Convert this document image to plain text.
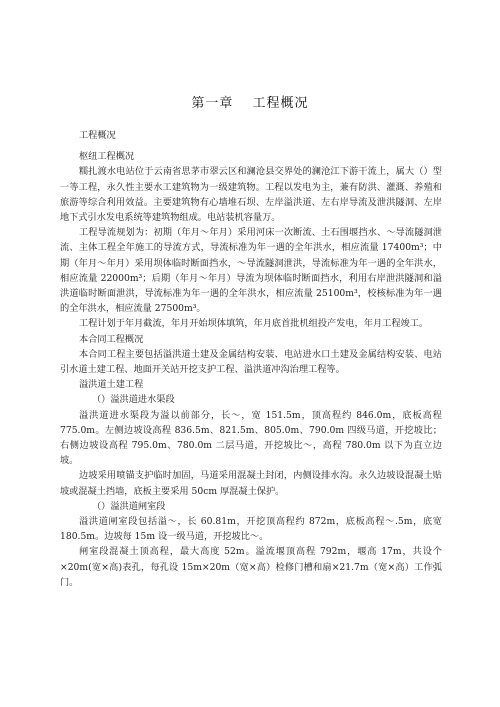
第一章　 工程概况

工程概况

枢纽工程概况

糯扎渡水电站位于云南省思茅市翠云区和澜沧县交界处的澜沧江下游干流上，属大（）型一等工程，永久性主要水工建筑物为一级建筑物。工程以发电为主，兼有防洪、灌溉、养殖和旅游等综合利用效益。主要建筑物有心墙堆石坝、左岸溢洪道、左右岸导流及泄洪隧洞、左岸地下式引水发电系统等建筑物组成。电站装机容量万。

工程导流规划为：初期（年月～年月）采用河床一次断流、土石围堰挡水、～导流隧洞泄流、主体工程全年施工的导流方式，导流标准为年一遇的全年洪水，相应流量 17400m³；中期（年月～年月）采用坝体临时断面挡水，～导流隧洞泄洪，导流标准为年一遇的全年洪水，相应流量 22000m³；后期（年月～年月）导流为坝体临时断面挡水，利用右岸泄洪隧洞和溢洪道临时断面泄洪，导流标准为年一遇的全年洪水，相应流量 25100m³，校核标准为年一遇的全年洪水，相应流量 27500m³。

工程计划于年月截流，年月开始坝体填筑，年月底首批机组投产发电，年月工程竣工。

本合同工程概况

本合同工程主要包括溢洪道土建及金属结构安装、电站进水口土建及金属结构安装、电站引水道土建工程、地面开关站开挖支护工程、溢洪道冲沟治理工程等。

溢洪道土建工程

（）溢洪道进水渠段

溢洪道进水渠段为溢以前部分，长～，宽 151.5m，顶高程约 846.0m，底板高程 775.0m。左侧边坡设高程 836.5m、821.5m、805.0m、790.0m 四级马道，开挖坡比；右侧边坡设高程 795.0m、780.0m 二层马道，开挖坡比～，高程 780.0m 以下为直立边坡。

边坡采用喷锚支护临时加固，马道采用混凝土封闭，内侧设排水沟。永久边坡设混凝土贴坡或混凝土挡墙，底板主要采用 50cm 厚混凝土保护。

（）溢洪道闸室段

溢洪道闸室段包括溢～，长 60.81m，开挖顶高程约 872m，底板高程～.5m，底宽 180.5m。边坡每 15m 设一级马道，开挖坡比～。

闸室段混凝土顶高程，最大高度 52m。溢流堰顶高程 792m，堰高 17m，共设个×20m(宽×高)表孔，每孔设 15m×20m（宽×高）检修门槽和扇×21.7m（宽×高）工作弧门。
